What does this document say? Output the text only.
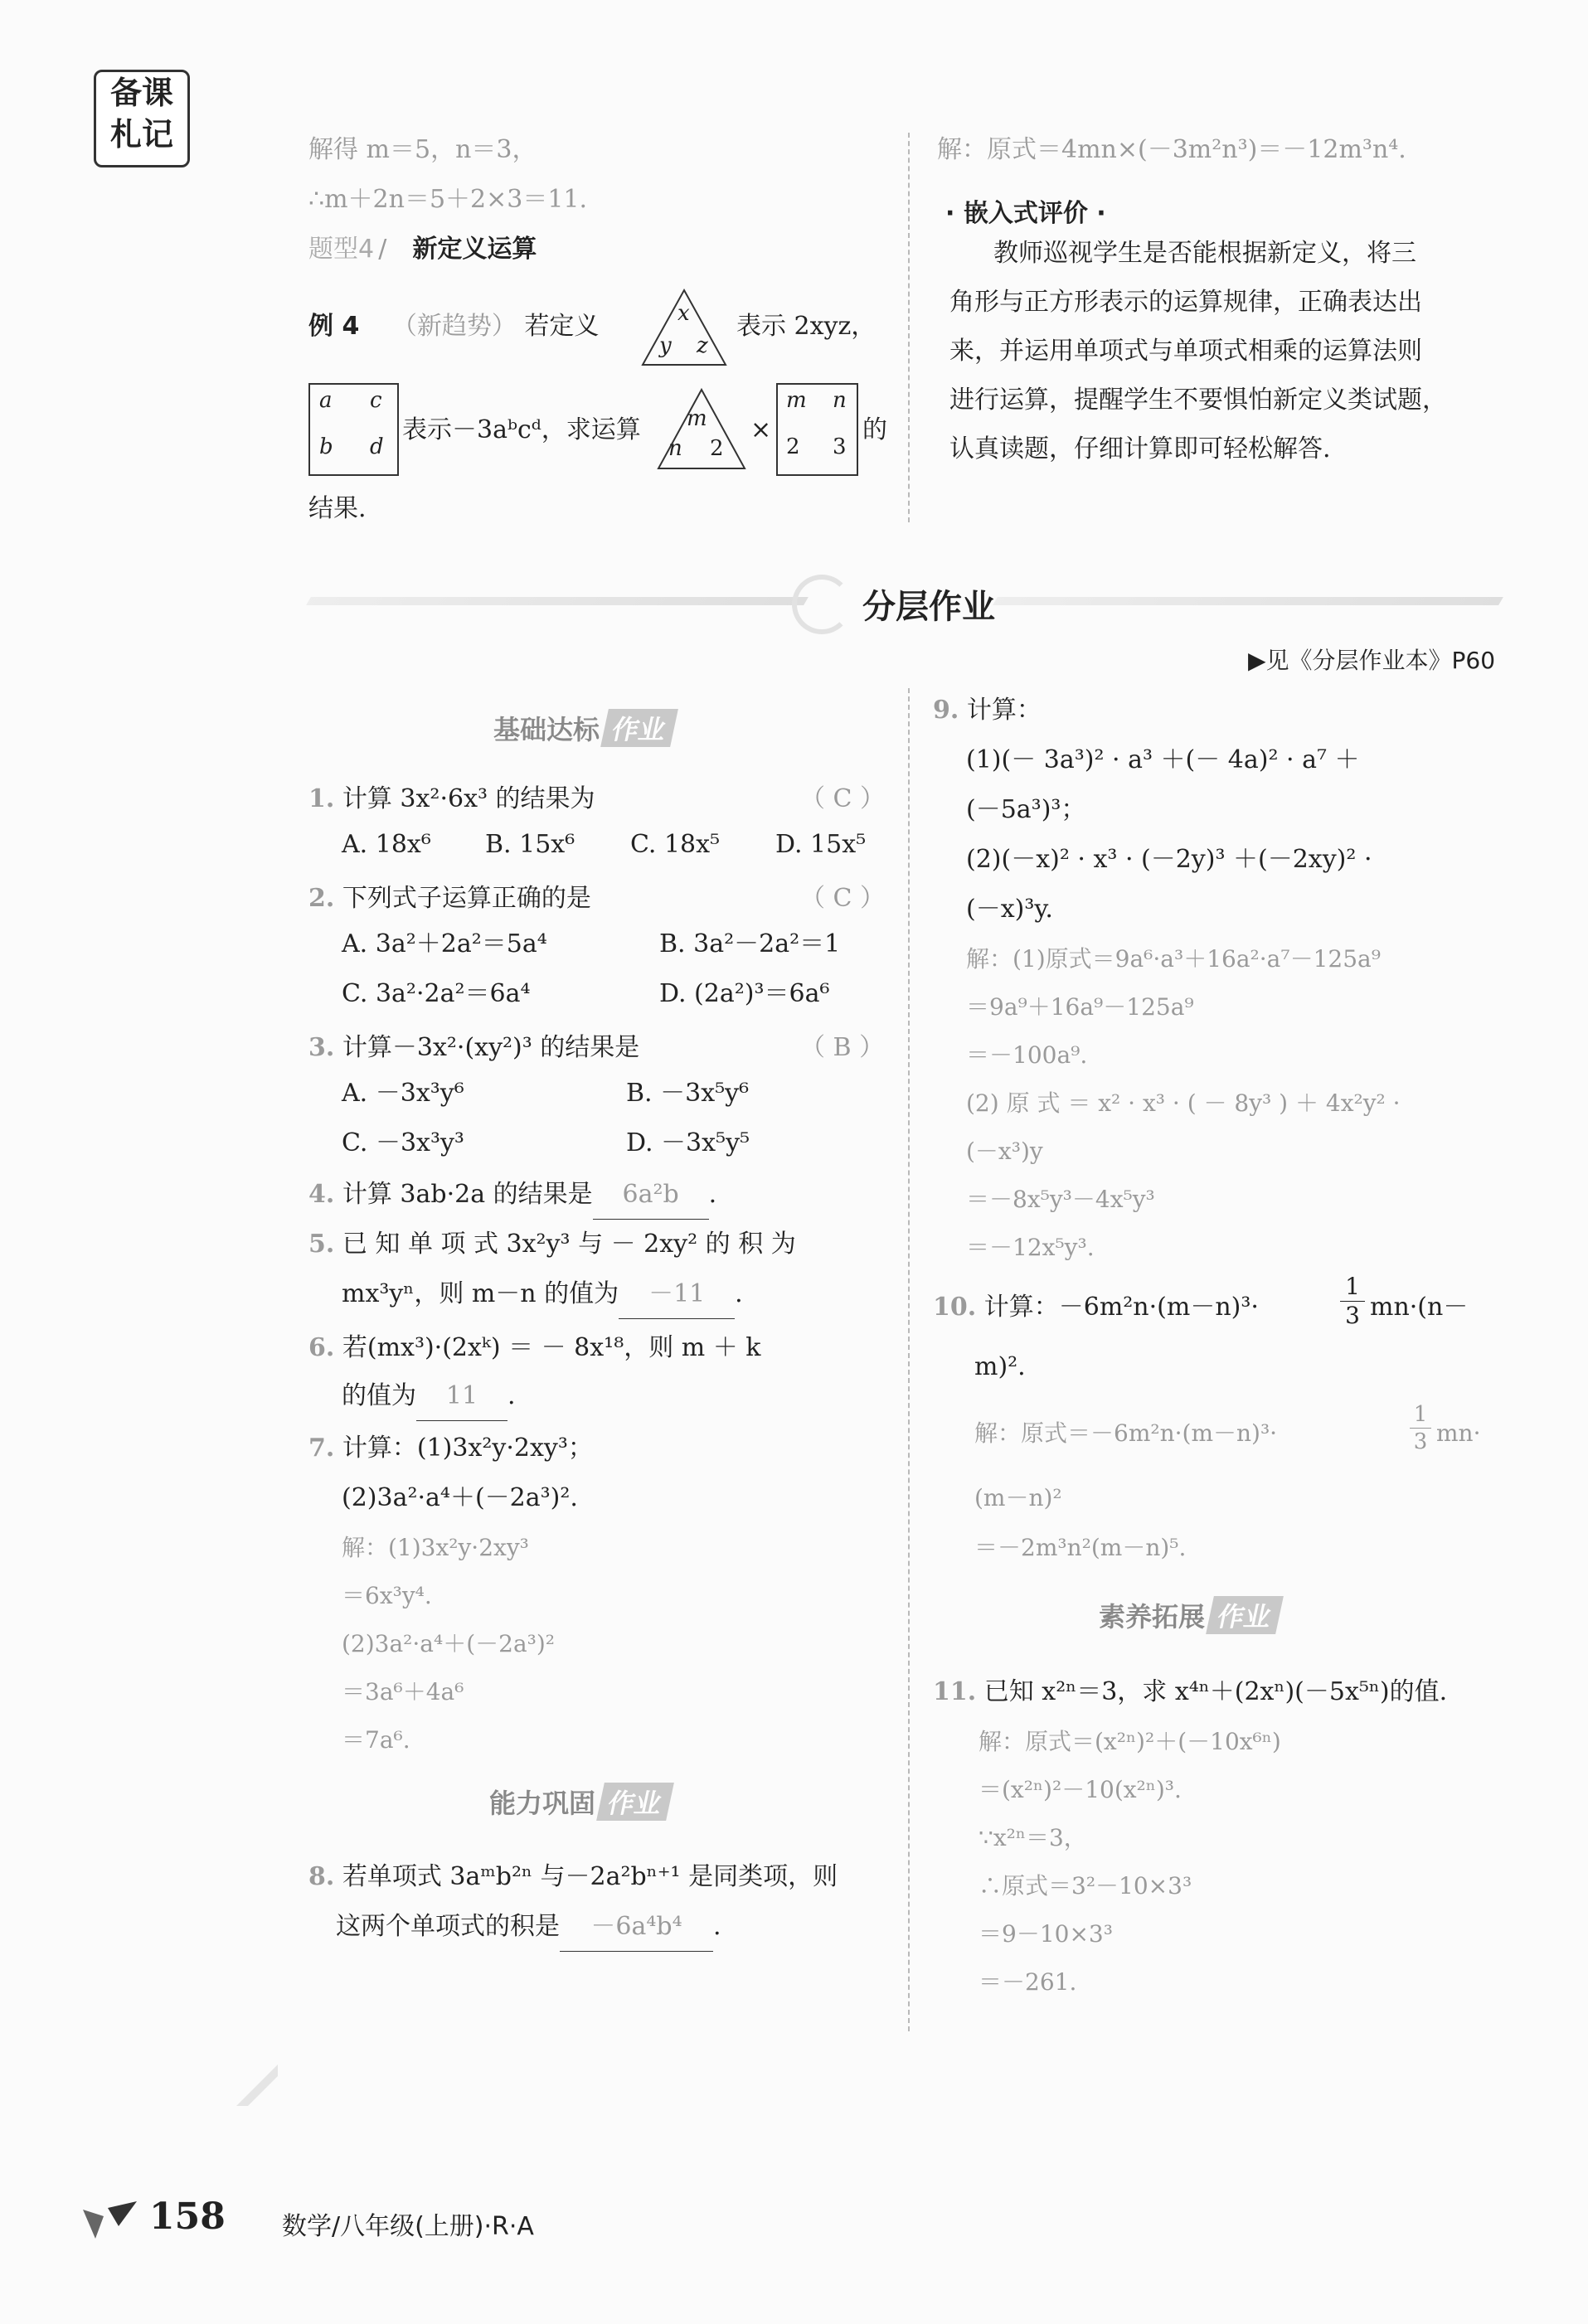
备课
札记	解得 m＝5，n＝3，
∴m＋2n＝5＋2×3＝11.
题型4 / 新定义运算
例 4 （新趋势） 若定义	x
y z
表示 2xyz，
a c
b d
表示－3aᵇcᵈ，求运算 m
n 2
×
m n
2 3
的
结果.
解：原式＝4mn×(－3m²n³)＝－12m³n⁴.
· 嵌入式评价 ·
教师巡视学生是否能根据新定义，将三
角形与正方形表示的运算规律，正确表达出
来，并运用单项式与单项式相乘的运算法则
进行运算，提醒学生不要惧怕新定义类试题，
认真读题，仔细计算即可轻松解答.
分层作业
▶见《分层作业本》P60
基础达标 作业
1. 计算 3x²·6x³ 的结果为	（ C ）
A. 18x⁶ B. 15x⁶ C. 18x⁵ D. 15x⁵
2. 下列式子运算正确的是	（ C ）
A. 3a²＋2a²＝5a⁴	B. 3a²－2a²＝1
C. 3a²·2a²＝6a⁴	D. (2a²)³＝6a⁶
3. 计算－3x²·(xy²)³ 的结果是	（ B ）
A. －3x³y⁶	B. －3x⁵y⁶
C. －3x³y³	D. －3x⁵y⁵
4. 计算 3ab·2a 的结果是 6a²b .
5. 已 知 单 项 式 3x²y³ 与 － 2xy² 的 积 为
mx³yⁿ，则 m－n 的值为 －11 .
6. 若(mx³)·(2xᵏ) ＝ － 8x¹⁸，则 m ＋ k
的值为 11 .
7. 计算：(1)3x²y·2xy³；
(2)3a²·a⁴＋(－2a³)².
解：(1)3x²y·2xy³
＝6x³y⁴.
(2)3a²·a⁴＋(－2a³)²
＝3a⁶＋4a⁶
＝7a⁶.
能力巩固 作业
8. 若单项式 3aᵐb²ⁿ 与－2a²bⁿ⁺¹ 是同类项，则
这两个单项式的积是 －6a⁴b⁴ .
9. 计算：
(1)(－ 3a³)² · a³ ＋(－ 4a)² · a⁷ ＋
(－5a³)³；
(2)(－x)² · x³ · (－2y)³ ＋(－2xy)² ·
(－x)³y.
解：(1)原式＝9a⁶·a³＋16a²·a⁷－125a⁹
＝9a⁹＋16a⁹－125a⁹
＝－100a⁹.
(2) 原 式 ＝ x² · x³ · ( － 8y³ ) ＋ 4x²y² ·
(－x³)y
＝－8x⁵y³－4x⁵y³
＝－12x⁵y³.
10. 计算：－6m²n·(m－n)³·	$\frac{1}{3} mn\cdot(n-$
m)².
解：原式＝－6m²n·(m－n)³·	$\frac{1}{3} mn\cdot$
(m－n)²
＝－2m³n²(m－n)⁵.
素养拓展 作业
11. 已知 x²ⁿ＝3，求 x⁴ⁿ＋(2xⁿ)(－5x⁵ⁿ)的值.
解：原式＝(x²ⁿ)²＋(－10x⁶ⁿ)
＝(x²ⁿ)²－10(x²ⁿ)³.
∵x²ⁿ＝3，
∴原式＝3²－10×3³
＝9－10×3³
＝－261.
158 数学/八年级(上册)·R·A
